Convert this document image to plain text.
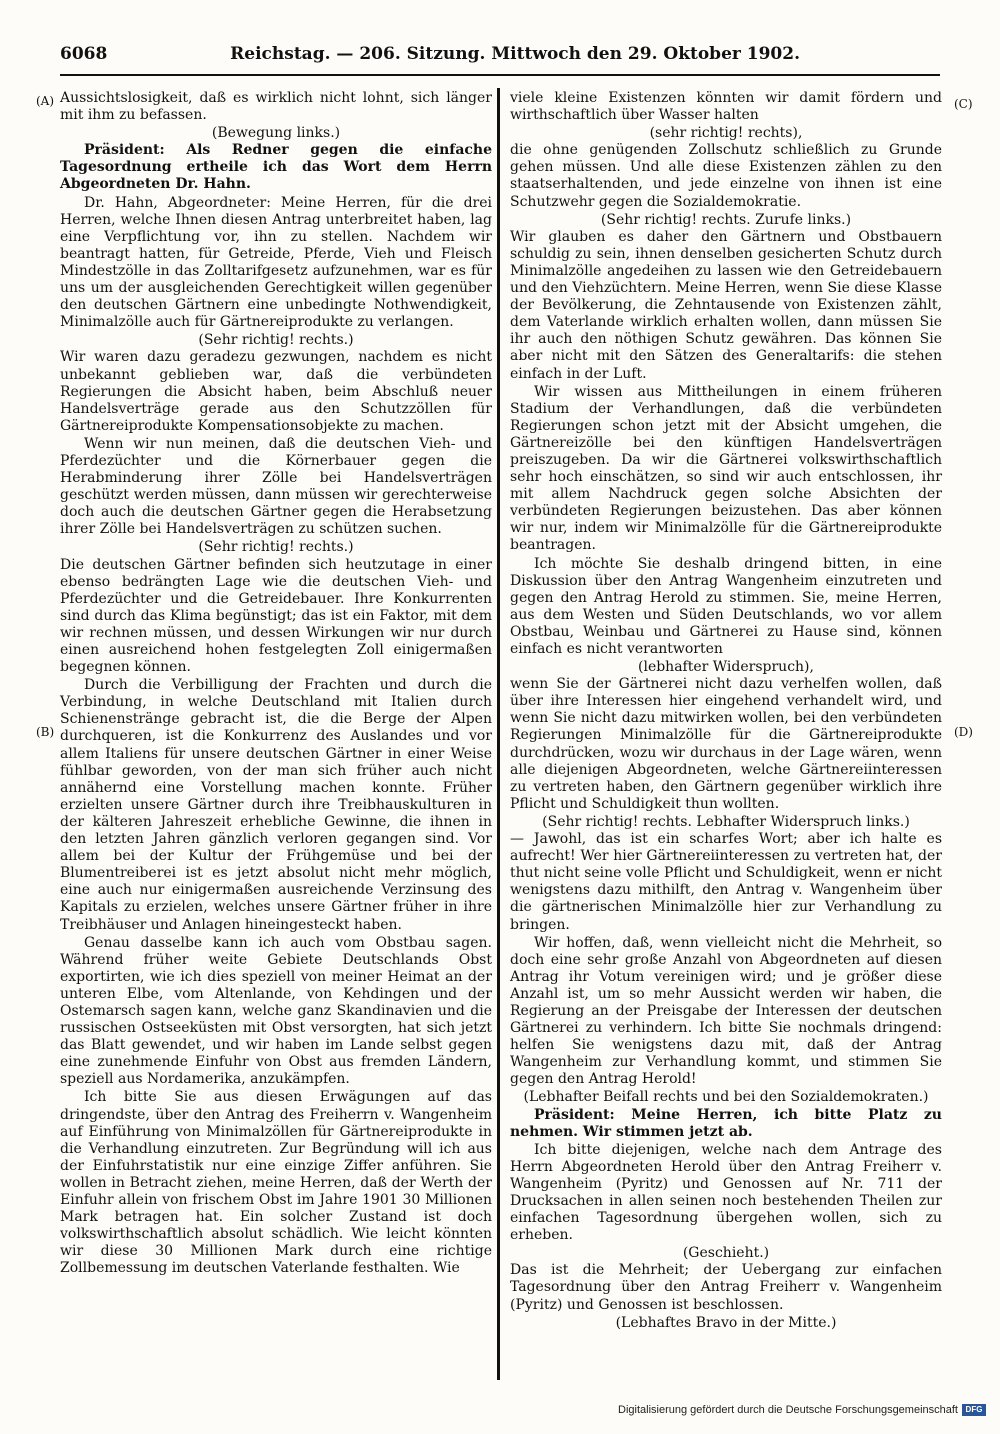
6068	Reichstag. — 206. Sitzung. Mittwoch den 29. Oktober 1902.
(A)
(B)
(C)
(D)

Aussichtslosigkeit, daß es wirklich nicht lohnt, sich länger mit ihm zu befassen.

(Bewegung links.)

Präsident: Als Redner gegen die einfache Tagesordnung ertheile ich das Wort dem Herrn Abgeordneten Dr. Hahn.

Dr. Hahn, Abgeordneter: Meine Herren, für die drei Herren, welche Ihnen diesen Antrag unterbreitet haben, lag eine Verpflichtung vor, ihn zu stellen. Nachdem wir beantragt hatten, für Getreide, Pferde, Vieh und Fleisch Mindestzölle in das Zolltarifgesetz aufzunehmen, war es für uns um der ausgleichenden Gerechtigkeit willen gegenüber den deutschen Gärtnern eine unbedingte Nothwendigkeit, Minimalzölle auch für Gärtnereiprodukte zu verlangen.

(Sehr richtig! rechts.)

Wir waren dazu geradezu gezwungen, nachdem es nicht unbekannt geblieben war, daß die verbündeten Regierungen die Absicht haben, beim Abschluß neuer Handelsverträge gerade aus den Schutzzöllen für Gärtnereiprodukte Kompensationsobjekte zu machen.

Wenn wir nun meinen, daß die deutschen Vieh- und Pferdezüchter und die Körnerbauer gegen die Herabminderung ihrer Zölle bei Handelsverträgen geschützt werden müssen, dann müssen wir gerechterweise doch auch die deutschen Gärtner gegen die Herabsetzung ihrer Zölle bei Handelsverträgen zu schützen suchen.

(Sehr richtig! rechts.)

Die deutschen Gärtner befinden sich heutzutage in einer ebenso bedrängten Lage wie die deutschen Vieh- und Pferdezüchter und die Getreidebauer. Ihre Konkurrenten sind durch das Klima begünstigt; das ist ein Faktor, mit dem wir rechnen müssen, und dessen Wirkungen wir nur durch einen ausreichend hohen festgelegten Zoll einigermaßen begegnen können.

Durch die Verbilligung der Frachten und durch die Verbindung, in welche Deutschland mit Italien durch Schienenstränge gebracht ist, die die Berge der Alpen durchqueren, ist die Konkurrenz des Auslandes und vor allem Italiens für unsere deutschen Gärtner in einer Weise fühlbar geworden, von der man sich früher auch nicht annähernd eine Vorstellung machen konnte. Früher erzielten unsere Gärtner durch ihre Treibhauskulturen in der kälteren Jahreszeit erhebliche Gewinne, die ihnen in den letzten Jahren gänzlich verloren gegangen sind. Vor allem bei der Kultur der Frühgemüse und bei der Blumentreiberei ist es jetzt absolut nicht mehr möglich, eine auch nur einigermaßen ausreichende Verzinsung des Kapitals zu erzielen, welches unsere Gärtner früher in ihre Treibhäuser und Anlagen hineingesteckt haben.

Genau dasselbe kann ich auch vom Obstbau sagen. Während früher weite Gebiete Deutschlands Obst exportirten, wie ich dies speziell von meiner Heimat an der unteren Elbe, vom Altenlande, von Kehdingen und der Ostemarsch sagen kann, welche ganz Skandinavien und die russischen Ostseeküsten mit Obst versorgten, hat sich jetzt das Blatt gewendet, und wir haben im Lande selbst gegen eine zunehmende Einfuhr von Obst aus fremden Ländern, speziell aus Nordamerika, anzukämpfen.

Ich bitte Sie aus diesen Erwägungen auf das dringendste, über den Antrag des Freiherrn v. Wangenheim auf Einführung von Minimalzöllen für Gärtnereiprodukte in die Verhandlung einzutreten. Zur Begründung will ich aus der Einfuhrstatistik nur eine einzige Ziffer anführen. Sie wollen in Betracht ziehen, meine Herren, daß der Werth der Einfuhr allein von frischem Obst im Jahre 1901 30 Millionen Mark betragen hat. Ein solcher Zustand ist doch volkswirthschaftlich absolut schädlich. Wie leicht könnten wir diese 30 Millionen Mark durch eine richtige Zollbemessung im deutschen Vaterlande festhalten. Wie

viele kleine Existenzen könnten wir damit fördern und wirthschaftlich über Wasser halten

(sehr richtig! rechts),

die ohne genügenden Zollschutz schließlich zu Grunde gehen müssen. Und alle diese Existenzen zählen zu den staatserhaltenden, und jede einzelne von ihnen ist eine Schutzwehr gegen die Sozialdemokratie.

(Sehr richtig! rechts. Zurufe links.)

Wir glauben es daher den Gärtnern und Obstbauern schuldig zu sein, ihnen denselben gesicherten Schutz durch Minimalzölle angedeihen zu lassen wie den Getreidebauern und den Viehzüchtern. Meine Herren, wenn Sie diese Klasse der Bevölkerung, die Zehntausende von Existenzen zählt, dem Vaterlande wirklich erhalten wollen, dann müssen Sie ihr auch den nöthigen Schutz gewähren. Das können Sie aber nicht mit den Sätzen des Generaltarifs: die stehen einfach in der Luft.

Wir wissen aus Mittheilungen in einem früheren Stadium der Verhandlungen, daß die verbündeten Regierungen schon jetzt mit der Absicht umgehen, die Gärtnereizölle bei den künftigen Handelsverträgen preiszugeben. Da wir die Gärtnerei volkswirthschaftlich sehr hoch einschätzen, so sind wir auch entschlossen, ihr mit allem Nachdruck gegen solche Absichten der verbündeten Regierungen beizustehen. Das aber können wir nur, indem wir Minimalzölle für die Gärtnereiprodukte beantragen.

Ich möchte Sie deshalb dringend bitten, in eine Diskussion über den Antrag Wangenheim einzutreten und gegen den Antrag Herold zu stimmen. Sie, meine Herren, aus dem Westen und Süden Deutschlands, wo vor allem Obstbau, Weinbau und Gärtnerei zu Hause sind, können einfach es nicht verantworten

(lebhafter Widerspruch),

wenn Sie der Gärtnerei nicht dazu verhelfen wollen, daß über ihre Interessen hier eingehend verhandelt wird, und wenn Sie nicht dazu mitwirken wollen, bei den verbündeten Regierungen Minimalzölle für die Gärtnereiprodukte durchdrücken, wozu wir durchaus in der Lage wären, wenn alle diejenigen Abgeordneten, welche Gärtnereiinteressen zu vertreten haben, den Gärtnern gegenüber wirklich ihre Pflicht und Schuldigkeit thun wollten.

(Sehr richtig! rechts. Lebhafter Widerspruch links.)

— Jawohl, das ist ein scharfes Wort; aber ich halte es aufrecht! Wer hier Gärtnereiinteressen zu vertreten hat, der thut nicht seine volle Pflicht und Schuldigkeit, wenn er nicht wenigstens dazu mithilft, den Antrag v. Wangenheim über die gärtnerischen Minimalzölle hier zur Verhandlung zu bringen.

Wir hoffen, daß, wenn vielleicht nicht die Mehrheit, so doch eine sehr große Anzahl von Abgeordneten auf diesen Antrag ihr Votum vereinigen wird; und je größer diese Anzahl ist, um so mehr Aussicht werden wir haben, die Regierung an der Preisgabe der Interessen der deutschen Gärtnerei zu verhindern. Ich bitte Sie nochmals dringend: helfen Sie wenigstens dazu mit, daß der Antrag Wangenheim zur Verhandlung kommt, und stimmen Sie gegen den Antrag Herold!

(Lebhafter Beifall rechts und bei den Sozialdemokraten.)

Präsident: Meine Herren, ich bitte Platz zu nehmen. Wir stimmen jetzt ab.

Ich bitte diejenigen, welche nach dem Antrage des Herrn Abgeordneten Herold über den Antrag Freiherr v. Wangenheim (Pyritz) und Genossen auf Nr. 711 der Drucksachen in allen seinen noch bestehenden Theilen zur einfachen Tagesordnung übergehen wollen, sich zu erheben.

(Geschieht.)

Das ist die Mehrheit; der Uebergang zur einfachen Tagesordnung über den Antrag Freiherr v. Wangenheim (Pyritz) und Genossen ist beschlossen.

(Lebhaftes Bravo in der Mitte.)

Digitalisierung gefördert durch die Deutsche Forschungsgemeinschaft DFG
